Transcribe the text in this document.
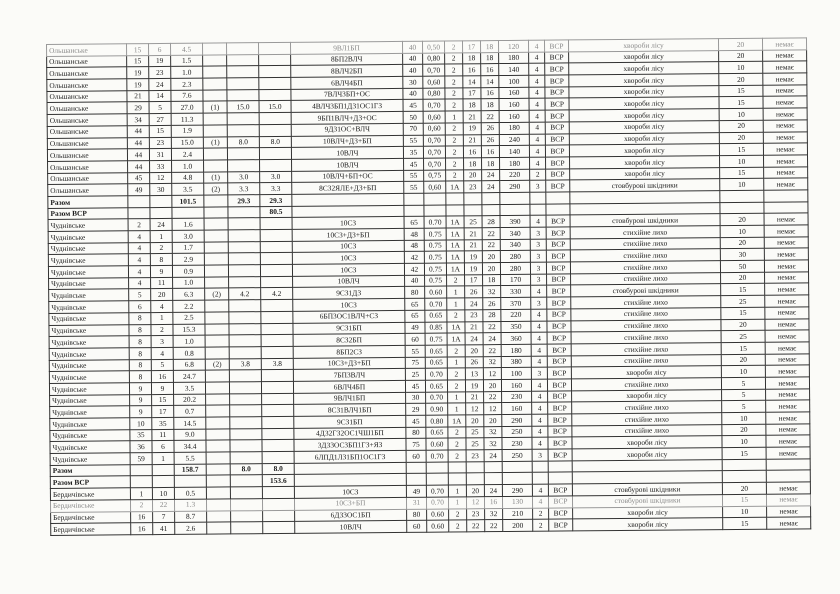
Ольшанське	15	6	4.5				9ВЛ1БП	40	0,50	2	17	18	120	4	ВСР	хвороби лісу	20	немає
Ольшанське	15	19	1.5				8БП2ВЛЧ	40	0,80	2	18	18	180	4	ВСР	хвороби лісу	20	немає
Ольшанське	19	23	1.0				8ВЛЧ2БП	40	0,70	2	16	16	140	4	ВСР	хвороби лісу	10	немає
Ольшанське	19	24	2.3				6ВЛЧ4БП	30	0,60	2	14	14	100	4	ВСР	хвороби лісу	20	немає
Ольшанське	21	14	7.6				7ВЛЧ3БП+ОС	40	0,80	2	17	16	160	4	ВСР	хвороби лісу	15	немає
Ольшанське	29	5	27.0	(1)	15.0	15.0	4ВЛЧ3БП1ДЗ1ОС1ГЗ	45	0,70	2	18	18	160	4	ВСР	хвороби лісу	15	немає
Ольшанське	34	27	11.3				9БП1ВЛЧ+ДЗ+ОС	50	0,60	1	21	22	160	4	ВСР	хвороби лісу	10	немає
Ольшанське	44	15	1.9				9ДЗ1ОС+ВЛЧ	70	0,60	2	19	26	180	4	ВСР	хвороби лісу	20	немає
Ольшанське	44	23	15.0	(1)	8.0	8.0	10ВЛЧ+ДЗ+БП	55	0,70	2	21	26	240	4	ВСР	хвороби лісу	20	немає
Ольшанське	44	31	2.4				10ВЛЧ	35	0,70	2	16	16	140	4	ВСР	хвороби лісу	15	немає
Ольшанське	44	33	1.0				10ВЛЧ	45	0,70	2	18	18	180	4	ВСР	хвороби лісу	10	немає
Ольшанське	45	12	4.8	(1)	3.0	3.0	10ВЛЧ+БП+ОС	55	0,75	2	20	24	220	2	ВСР	хвороби лісу	15	немає
Ольшанське	49	30	3.5	(2)	3.3	3.3	8СЗ2ЯЛЕ+ДЗ+БП	55	0,60	1А	23	24	290	3	ВСР	стовбурові шкідники	10	немає
Разом			101.5		29.3	29.3												
Разом ВСР						80.5												
Чуднівське	2	24	1.6				10СЗ	65	0.70	1А	25	28	390	4	ВСР	стовбурові шкідники	20	немає
Чуднівське	4	1	3.0				10СЗ+ДЗ+БП	48	0.75	1А	21	22	340	3	ВСР	стихійне лихо	10	немає
Чуднівське	4	2	1.7				10СЗ	48	0.75	1А	21	22	340	3	ВСР	стихійне лихо	20	немає
Чуднівське	4	8	2.9				10СЗ	42	0.75	1А	19	20	280	3	ВСР	стихійне лихо	30	немає
Чуднівське	4	9	0.9				10СЗ	42	0.75	1А	19	20	280	3	ВСР	стихійне лихо	50	немає
Чуднівське	4	11	1.0				10ВЛЧ	40	0.75	2	17	18	170	3	ВСР	стихійне лихо	20	немає
Чуднівське	5	20	6.3	(2)	4.2	4.2	9СЗ1ДЗ	80	0.60	1	26	32	330	4	ВСР	стовбурові шкідники	15	немає
Чуднівське	6	4	2.2				10СЗ	65	0.70	1	24	26	370	3	ВСР	стихійне лихо	25	немає
Чуднівське	8	1	2.5				6БП3ОС1ВЛЧ+СЗ	65	0.65	2	23	28	220	4	ВСР	стихійне лихо	15	немає
Чуднівське	8	2	15.3				9СЗ1БП	49	0.85	1А	21	22	350	4	ВСР	стихійне лихо	20	немає
Чуднівське	8	3	1.0				8СЗ2БП	60	0.75	1А	24	24	360	4	ВСР	стихійне лихо	25	немає
Чуднівське	8	4	0.8				8БП2СЗ	55	0.65	2	20	22	180	4	ВСР	стихійне лихо	15	немає
Чуднівське	8	5	6.8	(2)	3.8	3.8	10СЗ+ДЗ+БП	75	0.65	1	26	32	380	4	ВСР	стихійне лихо	20	немає
Чуднівське	8	16	24.7				7БП3ВЛЧ	25	0.70	2	13	12	100	3	ВСР	хвороби лісу	10	немає
Чуднівське	9	9	3.5				6ВЛЧ4БП	45	0.65	2	19	20	160	4	ВСР	стихійне лихо	5	немає
Чуднівське	9	15	20.2				9ВЛЧ1БП	30	0.70	1	21	22	230	4	ВСР	хвороби лісу	5	немає
Чуднівське	9	17	0.7				8СЗ1ВЛЧ1БП	29	0.90	1	12	12	160	4	ВСР	стихійне лихо	5	немає
Чуднівське	10	35	14.5				9СЗ1БП	45	0.80	1А	20	20	290	4	ВСР	стихійне лихо	10	немає
Чуднівське	35	11	9.0				4ДЗ2ГЗ2ОС1ЧШ1БП	80	0.65	2	25	32	250	4	ВСР	стихійне лихо	20	немає
Чуднівське	36	6	34.4				3ДЗ3ОС3БП1ГЗ+ЯЗ	75	0.60	2	25	32	230	4	ВСР	хвороби лісу	10	немає
Чуднівське	59	1	5.5				6ЛПД1ЛЗ1БП1ОС1ГЗ	60	0.70	2	23	24	250	3	ВСР	хвороби лісу	15	немає
Разом			158.7		8.0	8.0												
Разом ВСР						153.6												
Бердичівське	1	10	0.5				10СЗ	49	0.70	1	20	24	290	4	ВСР	стовбурові шкідники	20	немає
Бердичівське	2	22	1.3				10СЗ+БП	31	0.70	1	12	16	130	4	ВСР	стовбурові шкідники	15	немає
Бердичівське	16	7	8.7				6ДЗ3ОС1БП	80	0.60	2	23	32	210	2	ВСР	хвороби лісу	10	немає
Бердичівське	16	41	2.6				10ВЛЧ	60	0.60	2	22	22	200	2	ВСР	хвороби лісу	15	немає
